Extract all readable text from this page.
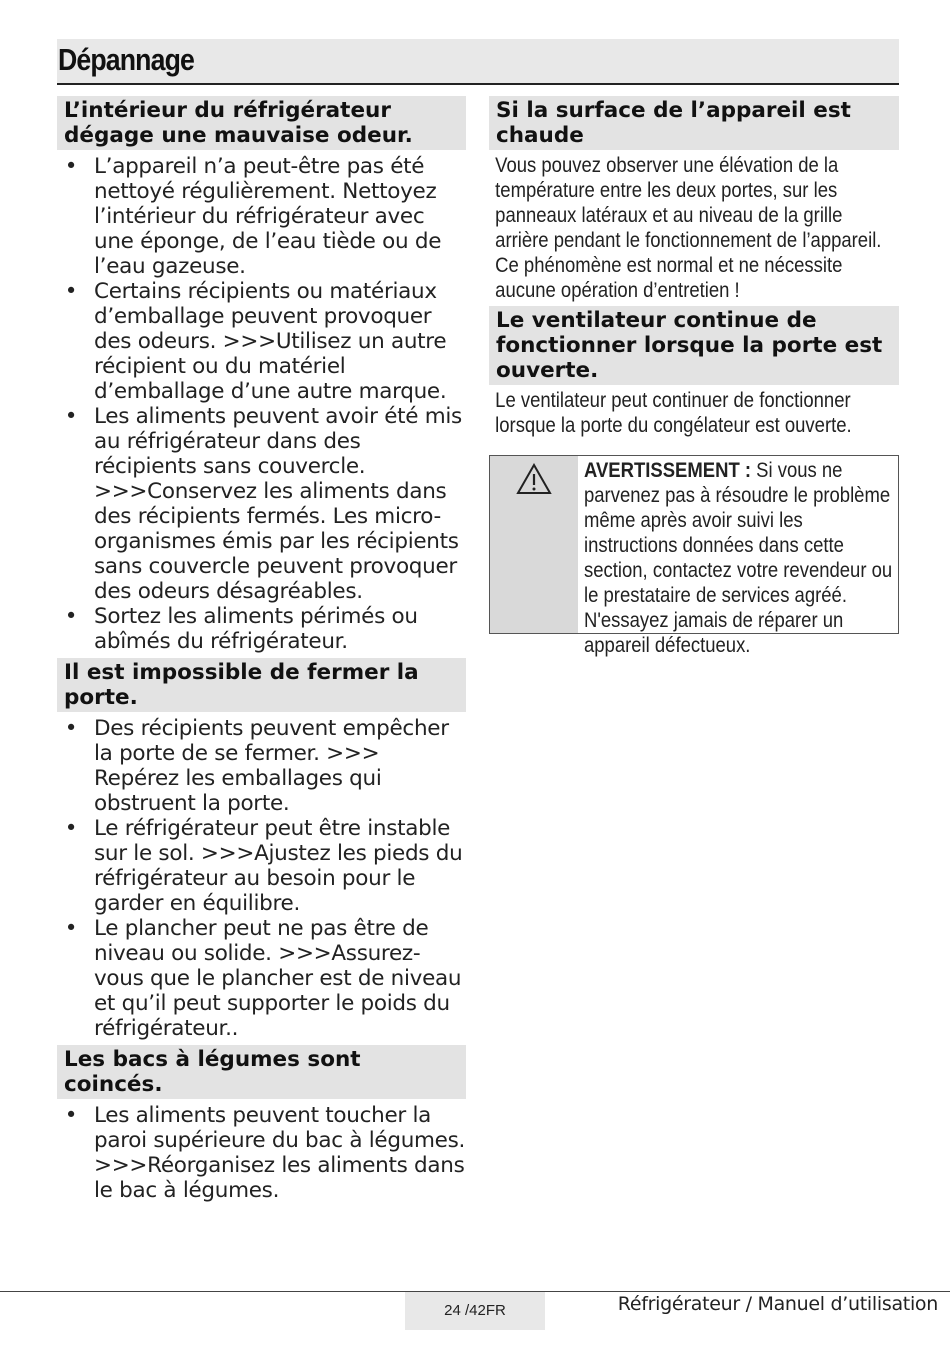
Dépannage
L’intérieur du réfrigérateur dégage une mauvaise odeur.
• L’appareil n’a peut-être pas été nettoyé régulièrement. Nettoyez l’intérieur du réfrigérateur avec une éponge, de l’eau tiède ou de l’eau gazeuse.
• Certains récipients ou matériaux d’emballage peuvent provoquer des odeurs. >>>Utilisez un autre récipient ou du matériel d’emballage d’une autre marque.
• Les aliments peuvent avoir été mis au réfrigérateur dans des récipients sans couvercle. >>>Conservez les aliments dans des récipients fermés. Les micro-organismes émis par les récipients sans couvercle peuvent provoquer des odeurs désagréables.
• Sortez les aliments périmés ou abîmés du réfrigérateur.
Il est impossible de fermer la porte.
• Des récipients peuvent empêcher la porte de se fermer. >>> Repérez les emballages qui obstruent la porte.
• Le réfrigérateur peut être instable sur le sol. >>>Ajustez les pieds du réfrigérateur au besoin pour le garder en équilibre.
• Le plancher peut ne pas être de niveau ou solide. >>>Assurez-vous que le plancher est de niveau et qu’il peut supporter le poids du réfrigérateur..
Les bacs à légumes sont coincés.
• Les aliments peuvent toucher la paroi supérieure du bac à légumes. >>>Réorganisez les aliments dans le bac à légumes.
Si la surface de l’appareil est chaude

Vous pouvez observer une élévation de la température entre les deux portes, sur les panneaux latéraux et au niveau de la grille arrière pendant le fonctionnement de l’appareil. Ce phénomène est normal et ne nécessite aucune opération d’entretien !

Le ventilateur continue de fonctionner lorsque la porte est ouverte.

Le ventilateur peut continuer de fonctionner lorsque la porte du congélateur est ouverte.

AVERTISSEMENT : Si vous ne parvenez pas à résoudre le problème même après avoir suivi les instructions données dans cette section, contactez votre revendeur ou le prestataire de services agréé. N'essayez jamais de réparer un appareil défectueux.
24 /42FR	Réfrigérateur / Manuel d’utilisation
